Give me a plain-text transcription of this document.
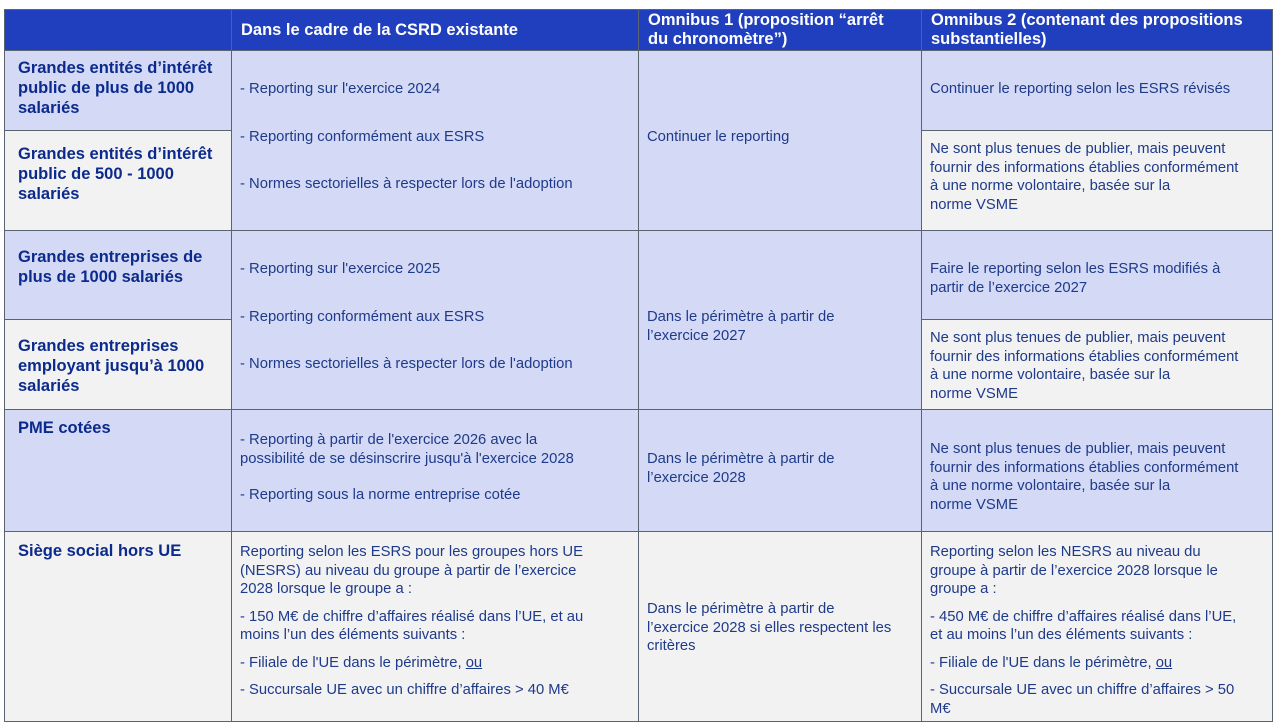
Dans le cadre de la CSRD existante
Omnibus 1 (proposition “arrêt
du chronomètre”)
Omnibus 2 (contenant des propositions
substantielles)
Grandes entités d’intérêt
public de plus de 1000
salariés
Grandes entités d’intérêt
public de 500 - 1000
salariés
Grandes entreprises de
plus de 1000 salariés
Grandes entreprises
employant jusqu’à 1000
salariés
PME cotées
Siège social hors UE

- Reporting sur l'exercice 2024

- Reporting conformément aux ESRS

- Normes sectorielles à respecter lors de l'adoption

- Reporting sur l'exercice 2025

- Reporting conformément aux ESRS

- Normes sectorielles à respecter lors de l'adoption

- Reporting à partir de l'exercice 2026 avec la

possibilité de se désinscrire jusqu'à l'exercice 2028

- Reporting sous la norme entreprise cotée

Reporting selon les ESRS pour les groupes hors UE

(NESRS) au niveau du groupe à partir de l’exercice

2028 lorsque le groupe a :

- 150 M€ de chiffre d’affaires réalisé dans l’UE, et au

moins l’un des éléments suivants :

- Filiale de l'UE dans le périmètre, ou

- Succursale UE avec un chiffre d’affaires > 40 M€

Continuer le reporting

Dans le périmètre à partir de

l’exercice 2027

Dans le périmètre à partir de

l’exercice 2028

Dans le périmètre à partir de

l’exercice 2028 si elles respectent les

critères

Continuer le reporting selon les ESRS révisés

Ne sont plus tenues de publier, mais peuvent

fournir des informations établies conformément

à une norme volontaire, basée sur la

norme VSME

Faire le reporting selon les ESRS modifiés à

partir de l’exercice 2027

Ne sont plus tenues de publier, mais peuvent

fournir des informations établies conformément

à une norme volontaire, basée sur la

norme VSME

Ne sont plus tenues de publier, mais peuvent

fournir des informations établies conformément

à une norme volontaire, basée sur la

norme VSME

Reporting selon les NESRS au niveau du

groupe à partir de l’exercice 2028 lorsque le

groupe a :

- 450 M€ de chiffre d’affaires réalisé dans l’UE,

et au moins l’un des éléments suivants :

- Filiale de l'UE dans le périmètre, ou

- Succursale UE avec un chiffre d’affaires > 50

M€
